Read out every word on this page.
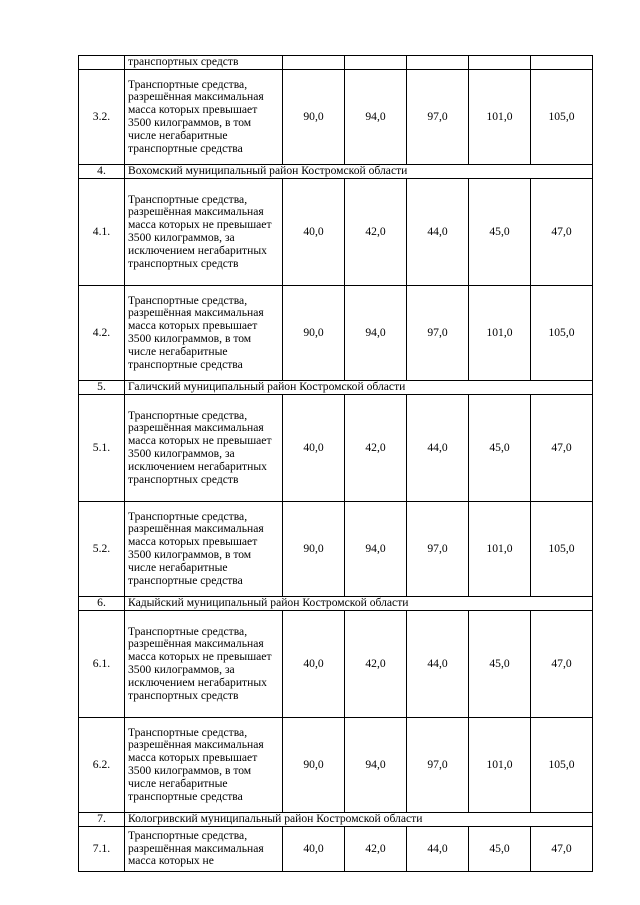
	транспортных средств					
3.2.	Транспортные средства, разрешённая максимальная масса которых превышает 3500 килограммов, в том числе негабаритные транспортные средства	90,0	94,0	97,0	101,0	105,0
4.	Вохомский муниципальный район Костромской области					
4.1.	Транспортные средства, разрешённая максимальная масса которых не превышает 3500 килограммов, за исключением негабаритных транспортных средств	40,0	42,0	44,0	45,0	47,0
4.2.	Транспортные средства, разрешённая максимальная масса которых превышает 3500 килограммов, в том числе негабаритные транспортные средства	90,0	94,0	97,0	101,0	105,0
5.	Галичский муниципальный район Костромской области					
5.1.	Транспортные средства, разрешённая максимальная масса которых не превышает 3500 килограммов, за исключением негабаритных транспортных средств	40,0	42,0	44,0	45,0	47,0
5.2.	Транспортные средства, разрешённая максимальная масса которых превышает 3500 килограммов, в том числе негабаритные транспортные средства	90,0	94,0	97,0	101,0	105,0
6.	Кадыйский муниципальный район Костромской области					
6.1.	Транспортные средства, разрешённая максимальная масса которых не превышает 3500 килограммов, за исключением негабаритных транспортных средств	40,0	42,0	44,0	45,0	47,0
6.2.	Транспортные средства, разрешённая максимальная масса которых превышает 3500 килограммов, в том числе негабаритные транспортные средства	90,0	94,0	97,0	101,0	105,0
7.	Кологривский муниципальный район Костромской области					
7.1.	Транспортные средства, разрешённая максимальная масса которых не	40,0	42,0	44,0	45,0	47,0
